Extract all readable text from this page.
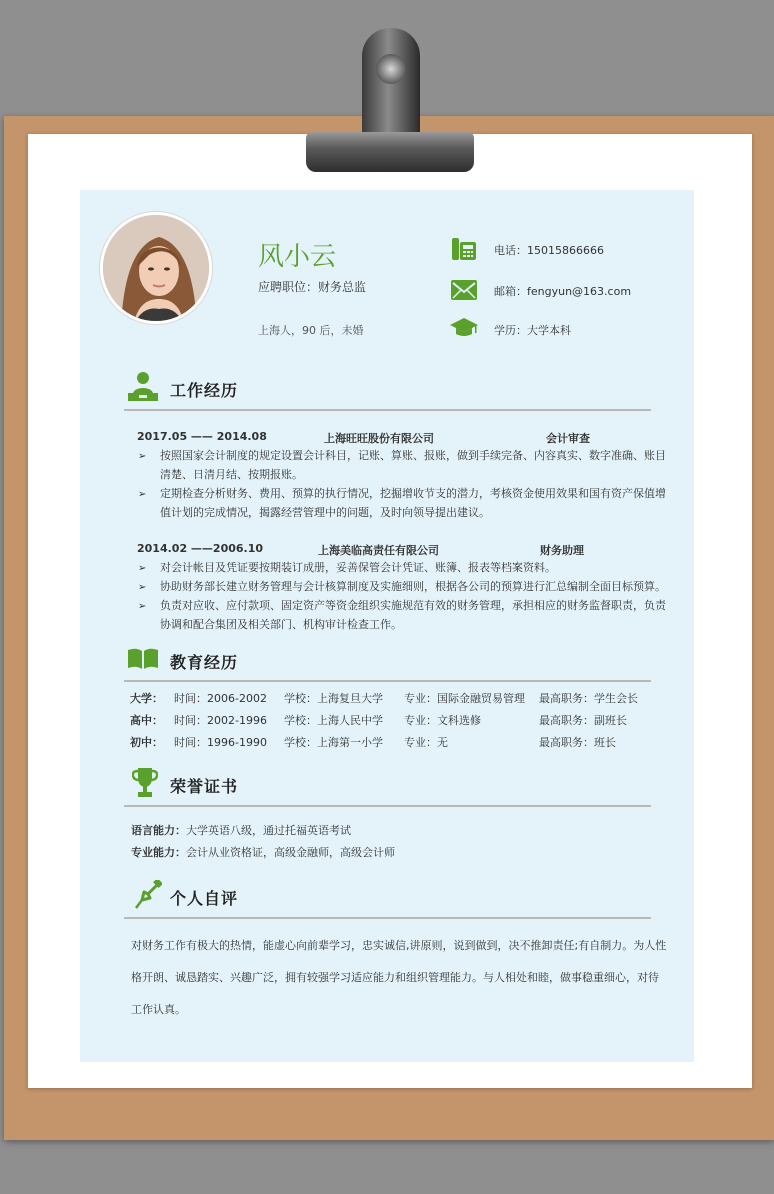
风小云
应聘职位：财务总监
上海人，90 后，未婚
电话：15015866666
邮箱：fengyun@163.com
学历：大学本科
工作经历
2017.05 —— 2014.08	上海旺旺股份有限公司	会计审查
➢ 按照国家会计制度的规定设置会计科目，记账、算账、报账，做到手续完备、内容真实、数字准确、账目
清楚、日清月结、按期报账。
➢ 定期检查分析财务、费用、预算的执行情况，挖掘增收节支的潜力，考核资金使用效果和国有资产保值增
值计划的完成情况，揭露经营管理中的问题，及时向领导提出建议。
2014.02 ——2006.10	上海美临高责任有限公司	财务助理
➢ 对会计帐目及凭证要按期装订成册，妥善保管会计凭证、账簿、报表等档案资料。
➢ 协助财务部长建立财务管理与会计核算制度及实施细则，根据各公司的预算进行汇总编制全面目标预算。
➢ 负责对应收、应付款项、固定资产等资金组织实施规范有效的财务管理，承担相应的财务监督职责，负责
协调和配合集团及相关部门、机构审计检查工作。
教育经历
大学： 时间：2006-2002 学校：上海复旦大学 专业：国际金融贸易管理 最高职务：学生会长
高中： 时间：2002-1996 学校：上海人民中学 专业：文科选修	最高职务：副班长
初中： 时间：1996-1990 学校：上海第一小学 专业：无	最高职务：班长
荣誉证书
语言能力：大学英语八级，通过托福英语考试
专业能力：会计从业资格证，高级金融师，高级会计师
个人自评
对财务工作有极大的热情，能虚心向前辈学习，忠实诚信,讲原则，说到做到，决不推卸责任;有自制力。为人性
格开朗、诚恳踏实、兴趣广泛，拥有较强学习适应能力和组织管理能力。与人相处和睦，做事稳重细心，对待
工作认真。
